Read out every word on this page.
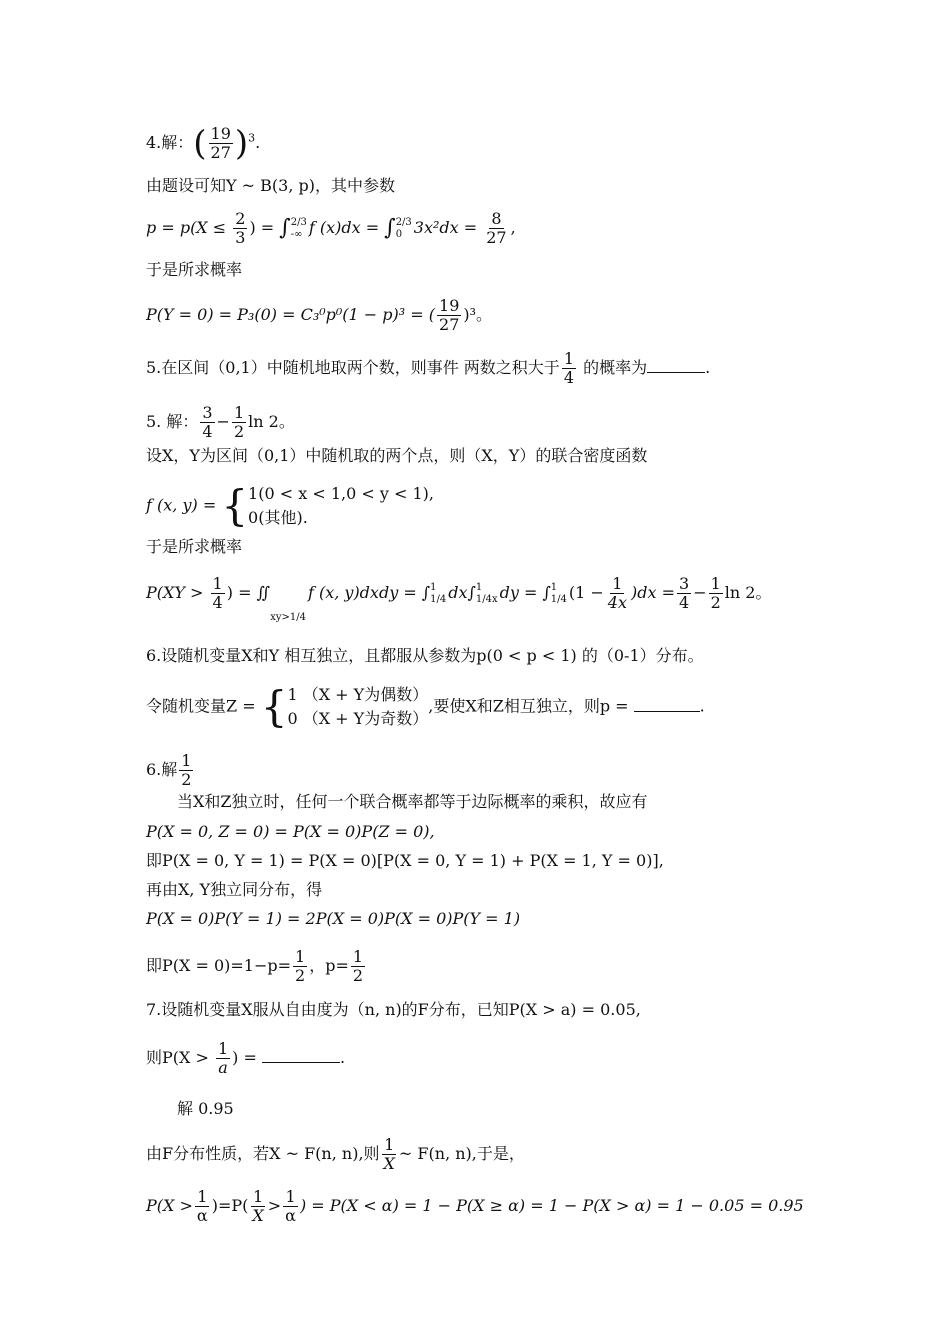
4.解：( $\frac{19}{27} )^3$.
由题设可知Y ~ B(3, p)，其中参数
$p = p(X \le \frac{2}{3}$ ) = ∫ 2/3
-∞ f (x)dx = ∫ 2/3
0 $3x^2dx = \frac{8}{27}$ ,
于是所求概率
P(Y = 0) = P₃(0) = C₃⁰p⁰(1 − p)³ = ( $\frac{19}{27} )^3$。
5.在区间（0,1）中随机地取两个数，则事件 两数之积大于 $\frac{1}{4}$ 的概率为	.
5. 解： $\frac{3}{4} - \frac{1}{2}$ ln 2。
设X，Y为区间（0,1）中随机取的两个点，则（X，Y）的联合密度函数
f (x, y) = { 1(0 < x < 1,0 < y < 1),
0(其他).
于是所求概率
$P(XY > \frac{1}{4}$ ) = ∬
xy>1/4
f (x, y)dxdy = ∫ 1
1/4 dx∫ 1
1/4x dy = ∫ 1
1/4 $(1 - \frac{1}{4x} )dx = \frac{3}{4} - \frac{1}{2}$ ln 2。
6.设随机变量X和Y 相互独立，且都服从参数为p(0 < p < 1) 的（0-1）分布。
令随机变量Z = { 1 （X + Y为偶数）
0 （X + Y为奇数）
,要使X和Z相互独立，则p =	.
6.解 $\frac{1}{2}$
当X和Z独立时，任何一个联合概率都等于边际概率的乘积，故应有
P(X = 0, Z = 0) = P(X = 0)P(Z = 0),
即P(X = 0, Y = 1) = P(X = 0)[P(X = 0, Y = 1) + P(X = 1, Y = 0)],
再由X, Y独立同分布，得
P(X = 0)P(Y = 1) = 2P(X = 0)P(X = 0)P(Y = 1)
即$P(X = 0)=1-p= \frac{1}{2}$ ，$p= \frac{1}{2}$
7.设随机变量X服从自由度为（n, n)的F分布，已知P(X > a) = 0.05,
则$P(X > \frac{1}{a}$ ) =	.
解 0.95
由F分布性质，若X ~ F(n, n),则 $\frac{1}{X}$ ~ F(n, n),于是，
$P(X > \frac{1}{\alpha} )=P( \frac{1}{X} > \frac{1}{\alpha}$ ) = P(X < α) = 1 − P(X ≥ α) = 1 − P(X > α) = 1 − 0.05 = 0.95
